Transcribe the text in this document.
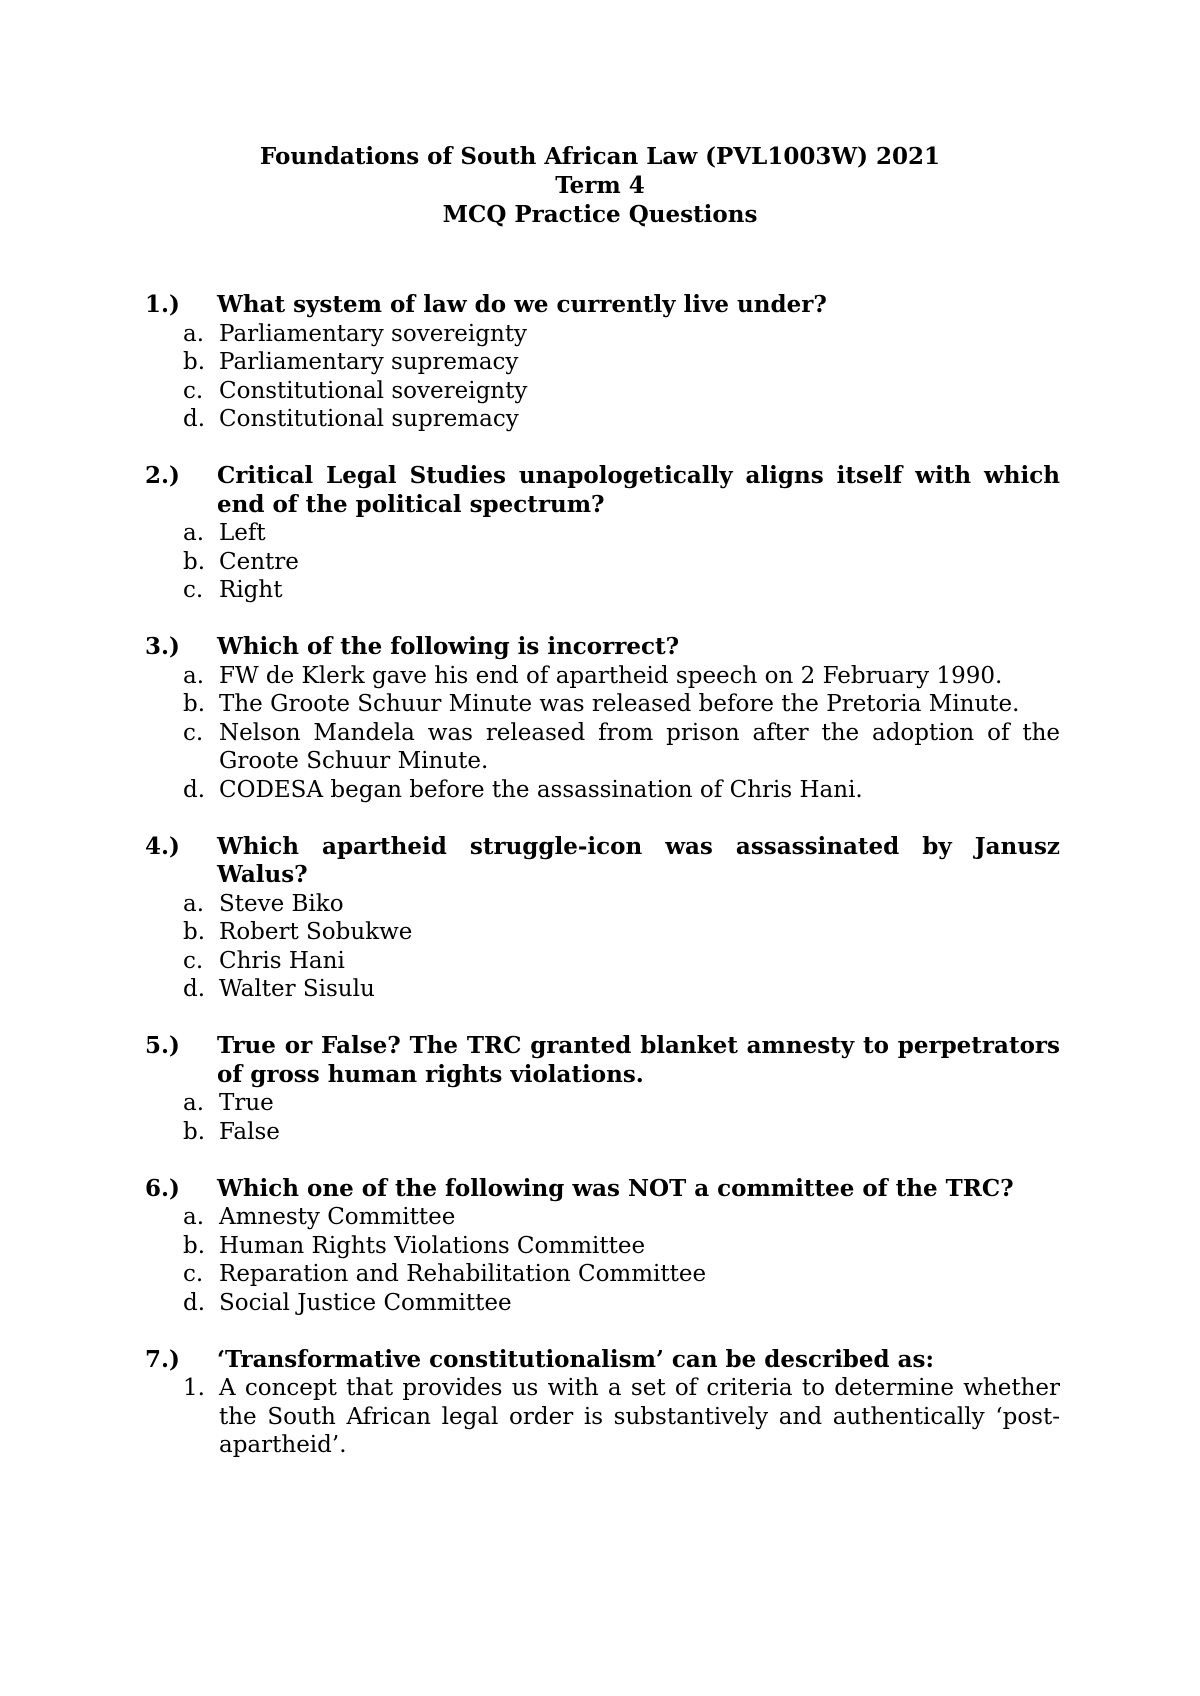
Foundations of South African Law (PVL1003W) 2021
Term 4
MCQ Practice Questions
1.) What system of law do we currently live under?
a. Parliamentary sovereignty
b. Parliamentary supremacy
c. Constitutional sovereignty
d. Constitutional supremacy
2.) Critical Legal Studies unapologetically aligns itself with which end of the political spectrum?
a. Left
b. Centre
c. Right
3.) Which of the following is incorrect?
a. FW de Klerk gave his end of apartheid speech on 2 February 1990.
b. The Groote Schuur Minute was released before the Pretoria Minute.
c. Nelson Mandela was released from prison after the adoption of the Groote Schuur Minute.
d. CODESA began before the assassination of Chris Hani.
4.) Which apartheid struggle-icon was assassinated by Janusz Walus?
a. Steve Biko
b. Robert Sobukwe
c. Chris Hani
d. Walter Sisulu
5.) True or False? The TRC granted blanket amnesty to perpetrators of gross human rights violations.
a. True
b. False
6.) Which one of the following was NOT a committee of the TRC?
a. Amnesty Committee
b. Human Rights Violations Committee
c. Reparation and Rehabilitation Committee
d. Social Justice Committee
7.) ‘Transformative constitutionalism’ can be described as:
1. A concept that provides us with a set of criteria to determine whether the South African legal order is substantively and authentically ‘post-apartheid’.
